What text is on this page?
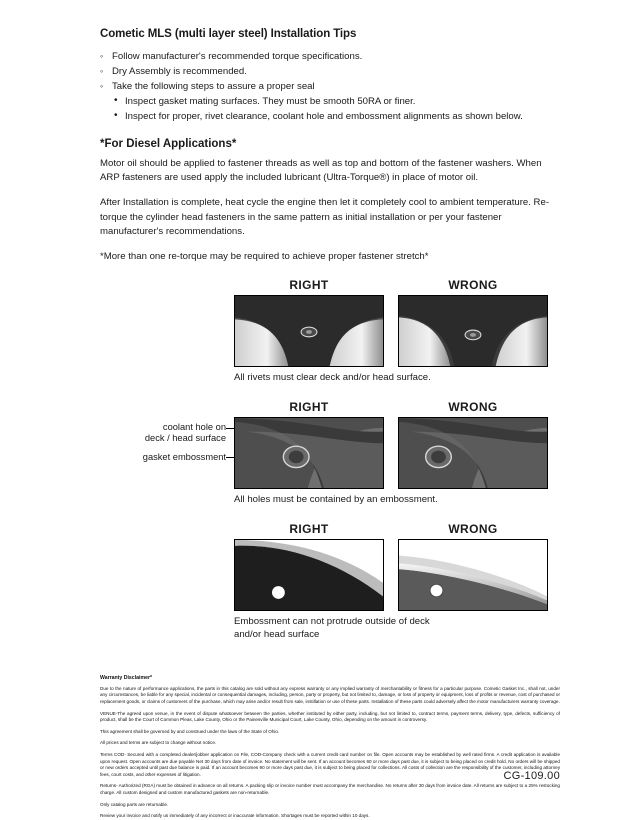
Cometic MLS (multi layer steel) Installation Tips
◦ Follow manufacturer's recommended torque specifications.
◦ Dry Assembly is recommended.
◦ Take the following steps to assure a proper seal
• Inspect gasket mating surfaces. They must be smooth 50RA or finer.
• Inspect for proper, rivet clearance, coolant hole and embossment alignments as shown below.
*For Diesel Applications*

Motor oil should be applied to fastener threads as well as top and bottom of the fastener washers. When ARP fasteners are used apply the included lubricant (Ultra-Torque®) in place of motor oil.

After Installation is complete, heat cycle the engine then let it completely cool to ambient temperature. Re-torque the cylinder head fasteners in the same pattern as initial installation or per your fastener manufacturer's recommendations.

*More than one re-torque may be required to achieve proper fastener stretch*

RIGHT	WRONG
All rivets must clear deck and/or head surface.
coolant hole on
deck / head surface
gasket embossment
RIGHT	WRONG
All holes must be contained by an embossment.
RIGHT	WRONG
Embossment can not protrude outside of deck
and/or head surface
Warranty Disclaimer*

Due to the nature of performance applications, the parts in this catalog are sold without any express warranty or any implied warranty of merchantability or fitness for a particular purpose. Cometic Gasket Inc., shall not, under any circumstances, be liable for any special, incidental or consequential damages, including, person, party or property, but not limited to, damage, or loss of property or equipment, loss of profits or revenue, cost of purchased or replacement goods, or claims of customers of the purchase, which may arise and/or result from sale, instillation or use of these parts. Installation of these parts could adversely affect the motor manufacturers warranty coverage.

VENUE-The agreed upon venue, in the event of dispute whatsoever between the parties, whether instituted by either party, including, but not limited to, contract terms, payment terms, delivery, type, defects, sufficiency of product, shall be the Court of Common Pleas, Lake County, Ohio or the Painesville Municipal Court, Lake County, Ohio, depending on the amount in controversy.

This agreement shall be governed by and construed under the laws of the State of Ohio.

All prices and terms are subject to change without notice.

Terms COD- Secured with a completed dealer/jobber application on File, COD-Company check with a current credit card number on file. Open accounts may be established by well rated firms. A credit application is available upon request. Open accounts are due payable Net 30 days from date of invoice. No statement will be sent. If an account becomes 60 or more days past due, it is subject to being placed on credit hold. No orders will be shipped or new orders accepted until past due balance is paid. If an account becomes 90 or more days past due, it is subject to being placed for collections. All costs of collection are the responsibility of the customer, including attorney fees, court costs, and other expenses of litigation.

Returns- Authorized (RGA) must be obtained in advance on all returns. A packing slip or invoice number must accompany the merchandise. No returns after 30 days from invoice date. All returns are subject to a 25% restocking charge. All custom designed and custom manufactured gaskets are non-returnable.

Only catalog parts are returnable.

Review your invoice and notify us immediately of any incorrect or inaccurate information. Shortages must be reported within 10 days.

CG-109.00
